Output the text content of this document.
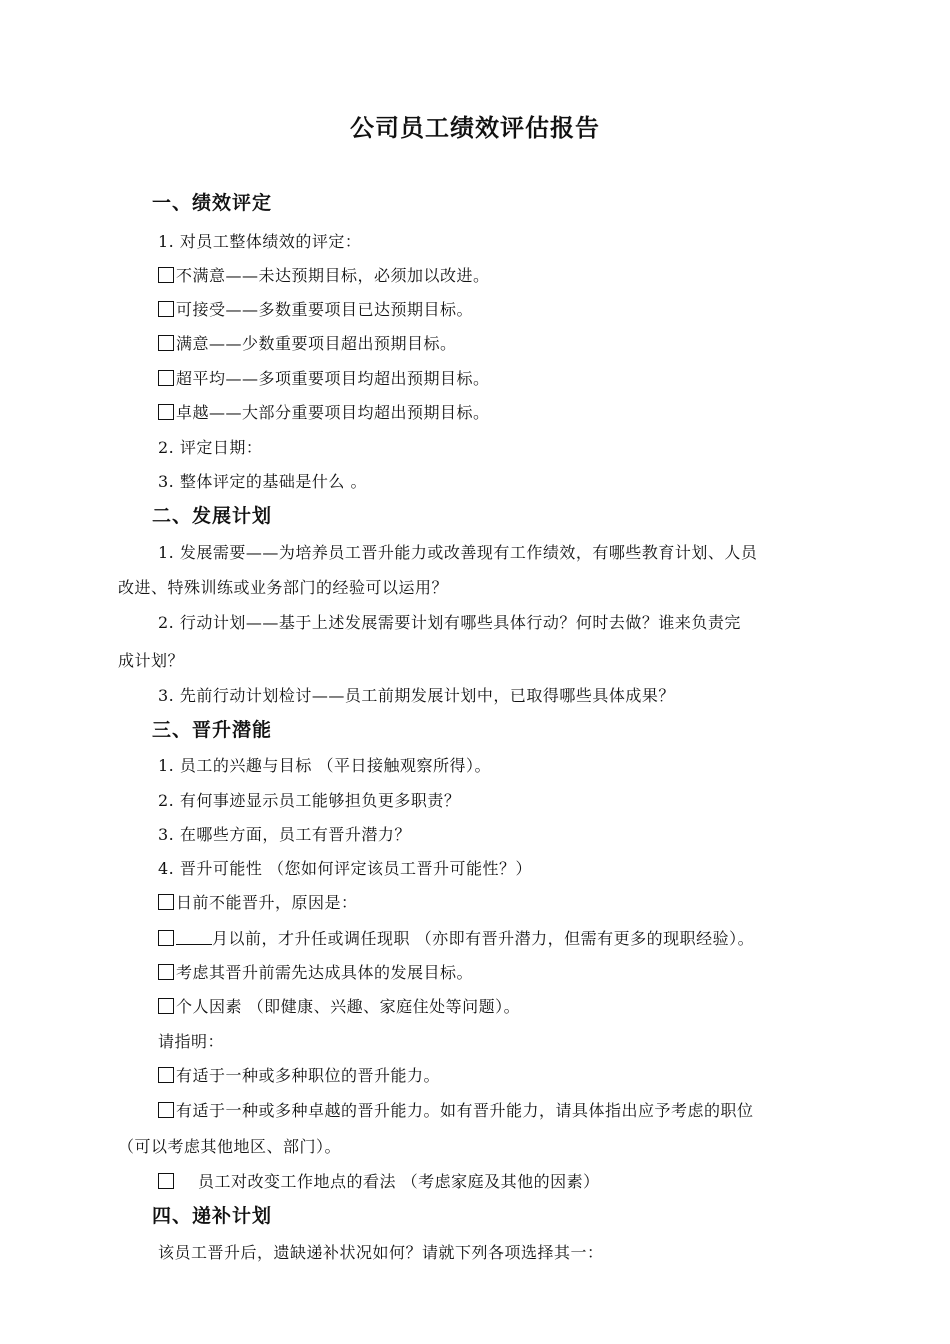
公司员工绩效评估报告
一、绩效评定
1. 对员工整体绩效的评定：
不满意——未达预期目标，必须加以改进。
可接受——多数重要项目已达预期目标。
满意——少数重要项目超出预期目标。
超平均——多项重要项目均超出预期目标。
卓越——大部分重要项目均超出预期目标。
2. 评定日期：
3. 整体评定的基础是什么 。
二、发展计划
1. 发展需要——为培养员工晋升能力或改善现有工作绩效，有哪些教育计划、人员
改进、特殊训练或业务部门的经验可以运用？
2. 行动计划——基于上述发展需要计划有哪些具体行动？何时去做？谁来负责完
成计划？
3. 先前行动计划检讨——员工前期发展计划中，已取得哪些具体成果？
三、晋升潜能
1. 员工的兴趣与目标 （平日接触观察所得）。
2. 有何事迹显示员工能够担负更多职责？
3. 在哪些方面，员工有晋升潜力？
4. 晋升可能性 （您如何评定该员工晋升可能性？）
日前不能晋升，原因是：
月以前，才升任或调任现职 （亦即有晋升潜力，但需有更多的现职经验）。
考虑其晋升前需先达成具体的发展目标。
个人因素 （即健康、兴趣、家庭住处等问题）。
请指明：
有适于一种或多种职位的晋升能力。
有适于一种或多种卓越的晋升能力。如有晋升能力，请具体指出应予考虑的职位
（可以考虑其他地区、部门）。
员工对改变工作地点的看法 （考虑家庭及其他的因素）
四、递补计划
该员工晋升后，遗缺递补状况如何？请就下列各项选择其一：
